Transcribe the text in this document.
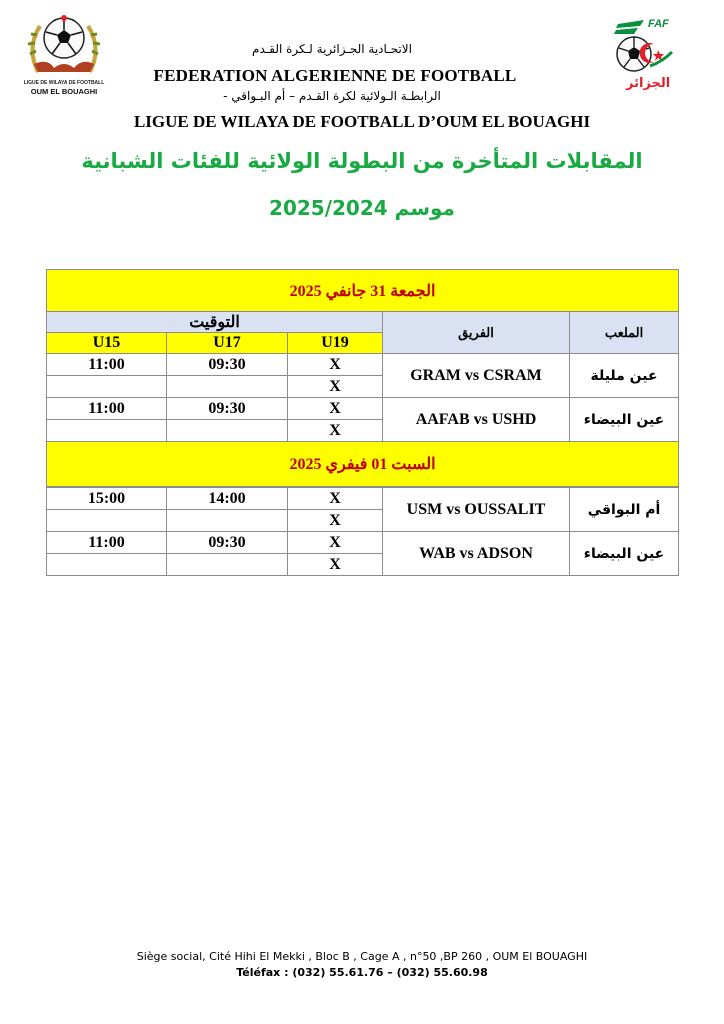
LIGUE DE WILAYA DE FOOTBALL
OUM EL BOUAGHI
FAF
الجزائر
الاتحـادية الجـزائرية لـكرة القـدم
FEDERATION ALGERIENNE DE FOOTBALL
الرابطـة الـولائية لكرة القـدم – أم البـواقي -
LIGUE DE WILAYA DE FOOTBALL D’OUM EL BOUAGHI
المقابلات المتأخرة من البطولة الولائية للفئات الشبانية
موسم 2025/2024
الجمعة 31 جانفي 2025				
التوقيت			الفريق	الملعب
U15	U17	U19		
11:00	09:30	X	GRAM vs CSRAM	عين مليلة
		X		
11:00	09:30	X	AAFAB vs USHD	عين البيضاء
		X		
السبت 01 فيفري 2025				

15:00	14:00	X	USM vs OUSSALIT	أم البواقي
		X		
11:00	09:30	X	WAB vs ADSON	عين البيضاء
		X		
Siège social, Cité Hihi El Mekki , Bloc B , Cage A , n°50 ,BP 260 , OUM El BOUAGHI
Téléfax : (032) 55.61.76 – (032) 55.60.98
